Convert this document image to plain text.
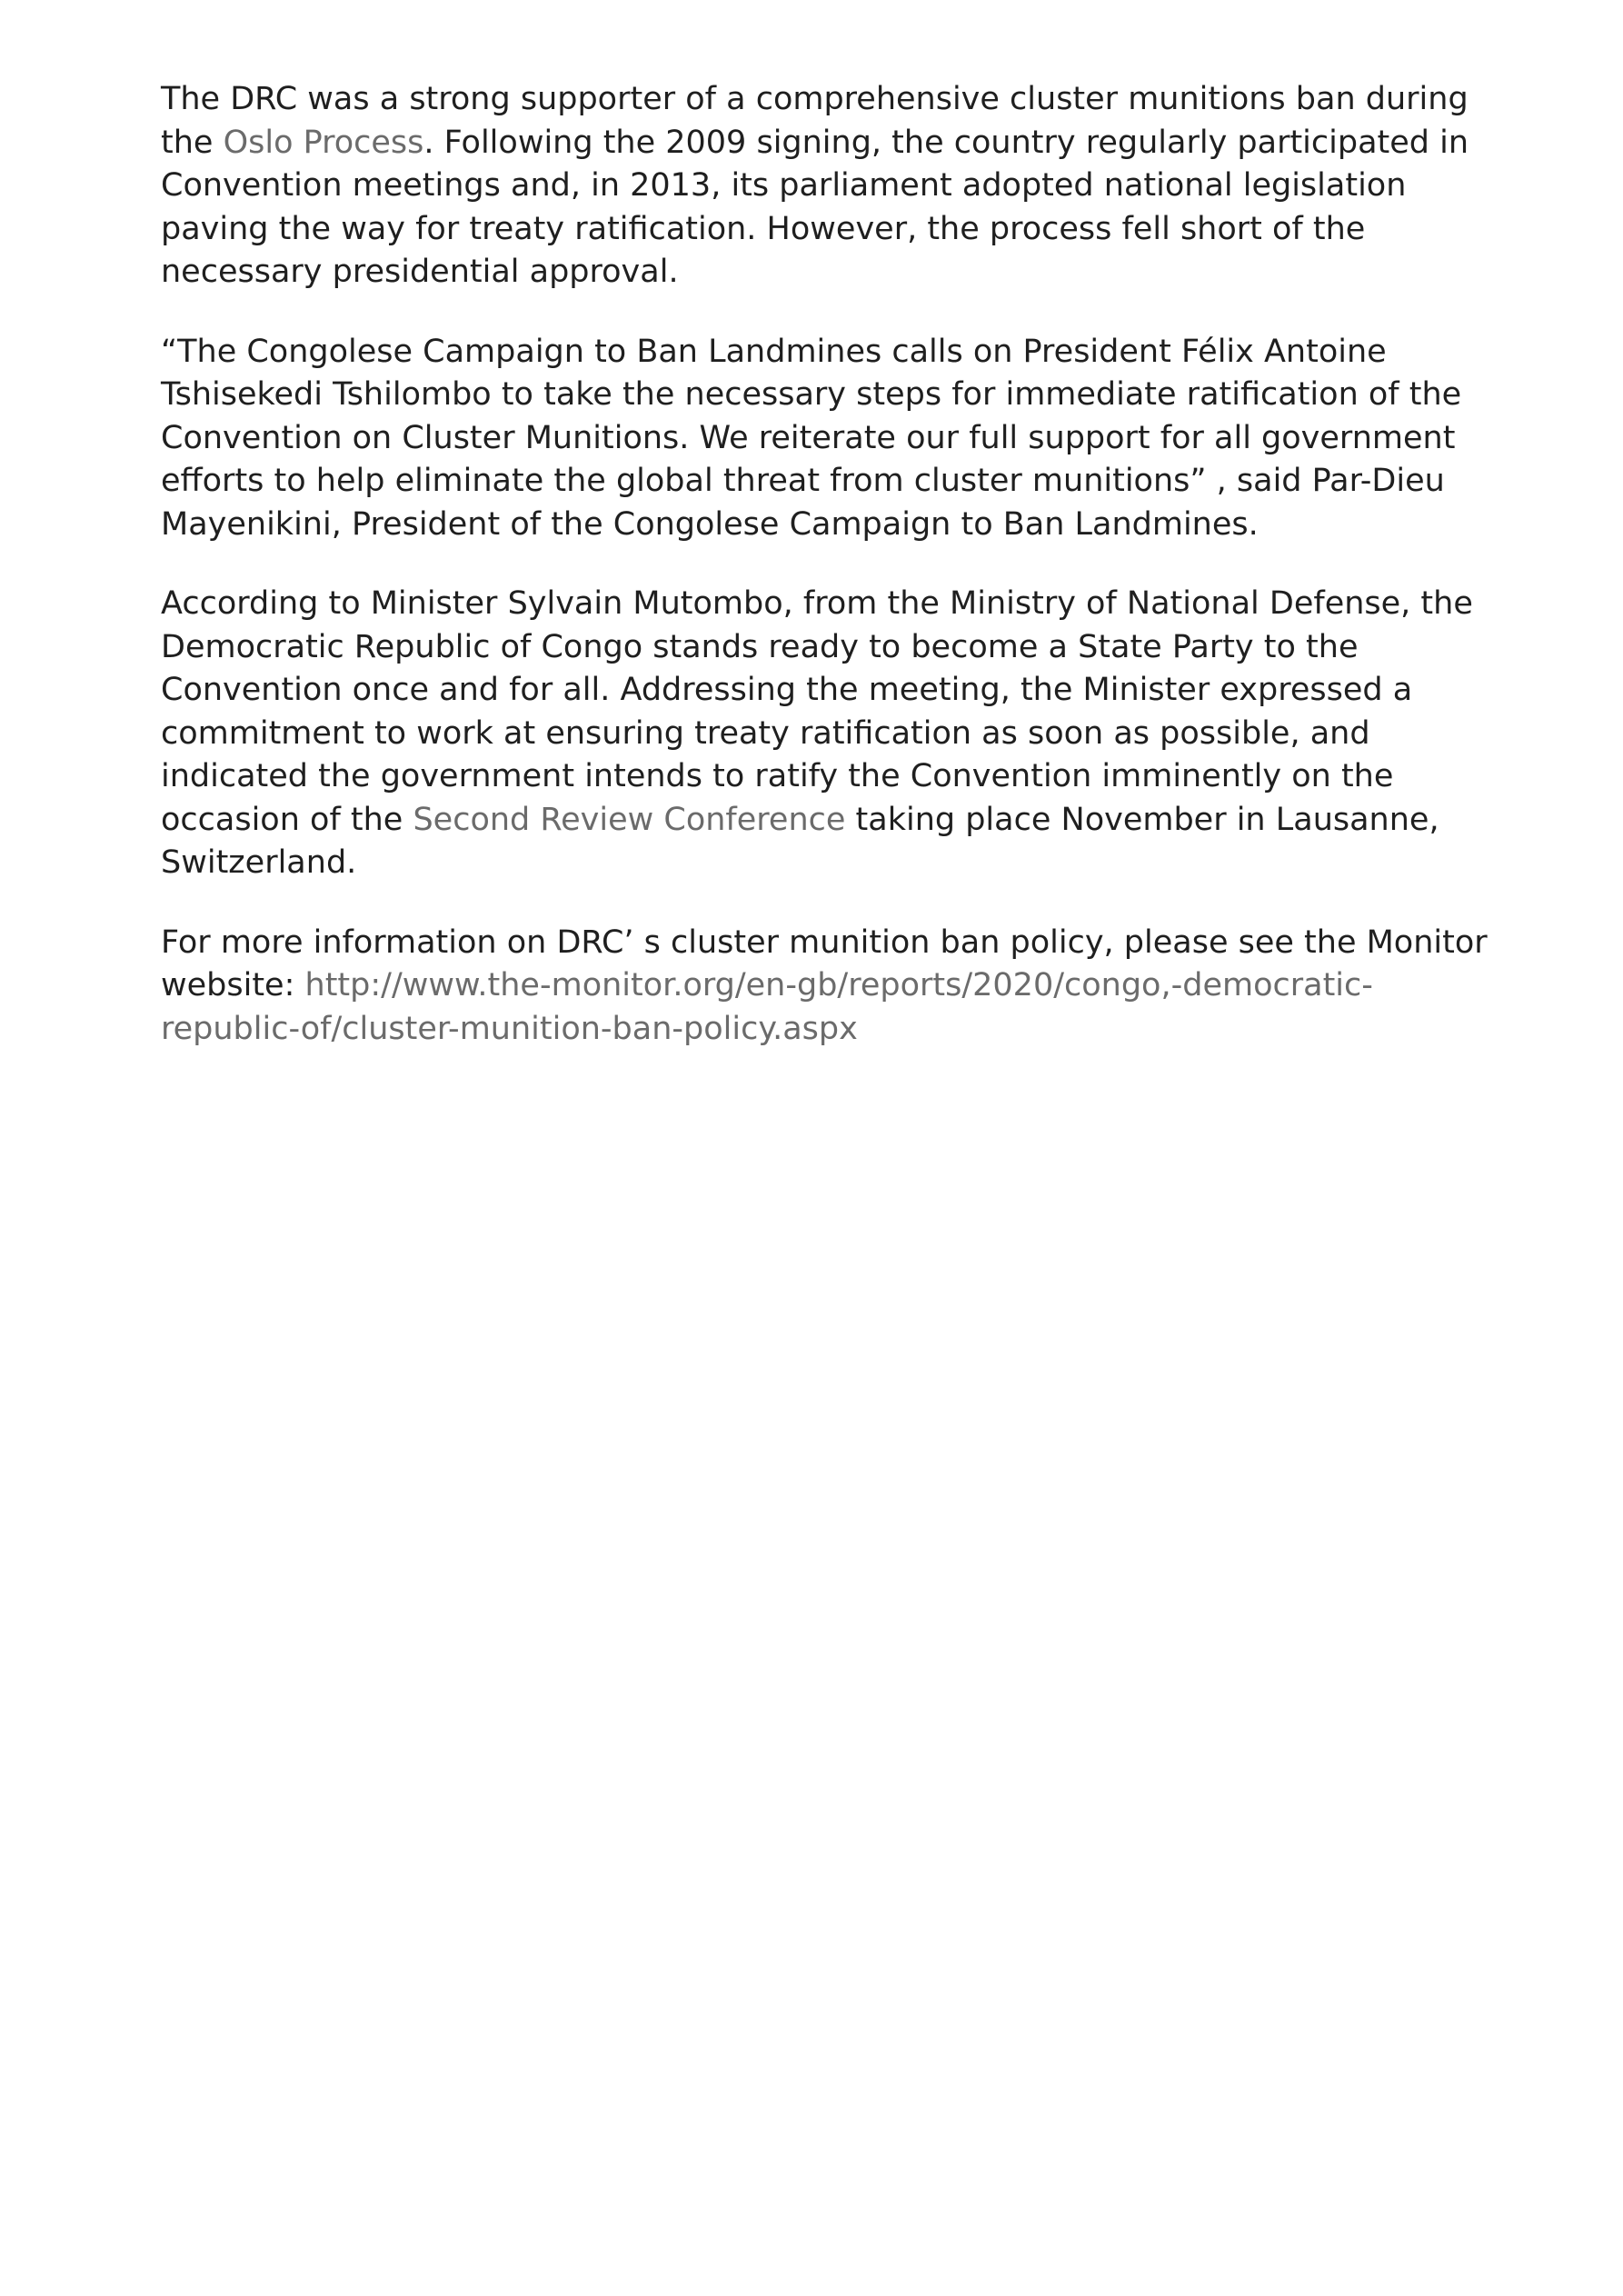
The DRC was a strong supporter of a comprehensive cluster munitions ban during the Oslo Process. Following the 2009 signing, the country regularly participated in Convention meetings and, in 2013, its parliament adopted national legislation paving the way for treaty ratification. However, the process fell short of the necessary presidential approval.

“The Congolese Campaign to Ban Landmines calls on President Félix Antoine Tshisekedi Tshilombo to take the necessary steps for immediate ratification of the Convention on Cluster Munitions. We reiterate our full support for all government efforts to help eliminate the global threat from cluster munitions” , said Par-Dieu Mayenikini, President of the Congolese Campaign to Ban Landmines.

According to Minister Sylvain Mutombo, from the Ministry of National Defense, the Democratic Republic of Congo stands ready to become a State Party to the Convention once and for all. Addressing the meeting, the Minister expressed a commitment to work at ensuring treaty ratification as soon as possible, and indicated the government intends to ratify the Convention imminently on the occasion of the Second Review Conference taking place November in Lausanne, Switzerland.

For more information on DRC’ s cluster munition ban policy, please see the Monitor website: http://www.the-monitor.org/en-gb/reports/2020/congo,-democratic-republic-of/cluster-munition-ban-policy.aspx
